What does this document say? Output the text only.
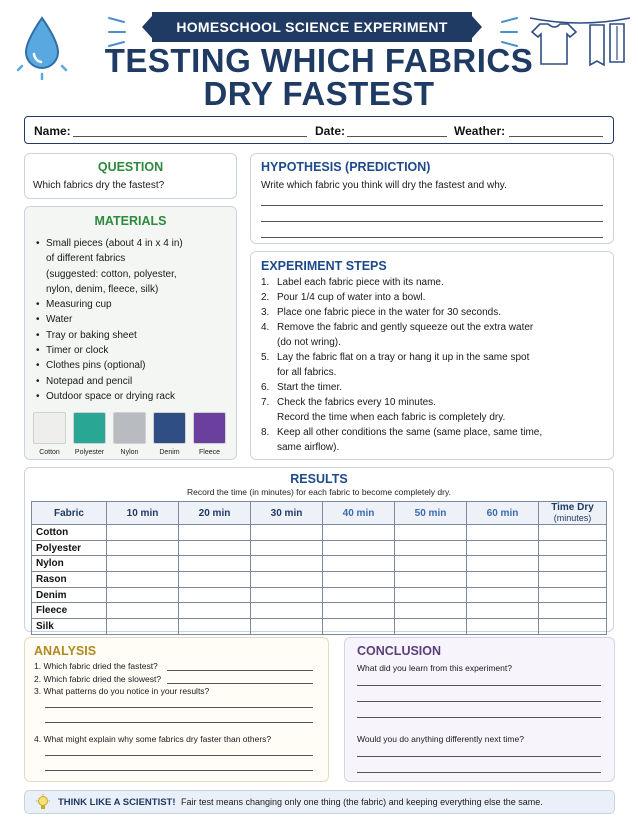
HOMESCHOOL SCIENCE EXPERIMENT
TESTING WHICH FABRICS
DRY FASTEST
Name:	Date:	Weather:
QUESTION
Which fabrics dry the fastest?
MATERIALS
• Small pieces (about 4 in x 4 in)
of different fabrics
(suggested: cotton, polyester,
nylon, denim, fleece, silk)
• Measuring cup
• Water
• Tray or baking sheet
• Timer or clock
• Clothes pins (optional)
• Notepad and pencil
• Outdoor space or drying rack
Cotton	Polyester	Nylon	Denim	Fleece
HYPOTHESIS (PREDICTION)
Write which fabric you think will dry the fastest and why.
EXPERIMENT STEPS
1. Label each fabric piece with its name.
2. Pour 1/4 cup of water into a bowl.
3. Place one fabric piece in the water for 30 seconds.
4. Remove the fabric and gently squeeze out the extra water
(do not wring).
5. Lay the fabric flat on a tray or hang it up in the same spot
for all fabrics.
6. Start the timer.
7. Check the fabrics every 10 minutes.
Record the time when each fabric is completely dry.
8. Keep all other conditions the same (same place, same time,
same airflow).
RESULTS
Record the time (in minutes) for each fabric to become completely dry.
Fabric	10 min	20 min	30 min	40 min	50 min	60 min	Time Dry
(minutes)

Cotton							
Polyester							
Nylon							
Rason							
Denim							
Fleece							
Silk							
ANALYSIS
1. Which fabric dried the fastest?
2. Which fabric dried the slowest?
3. What patterns do you notice in your results?
4. What might explain why some fabrics dry faster than others?
CONCLUSION
What did you learn from this experiment?
Would you do anything differently next time?
THINK LIKE A SCIENTIST! Fair test means changing only one thing (the fabric) and keeping everything else the same.
